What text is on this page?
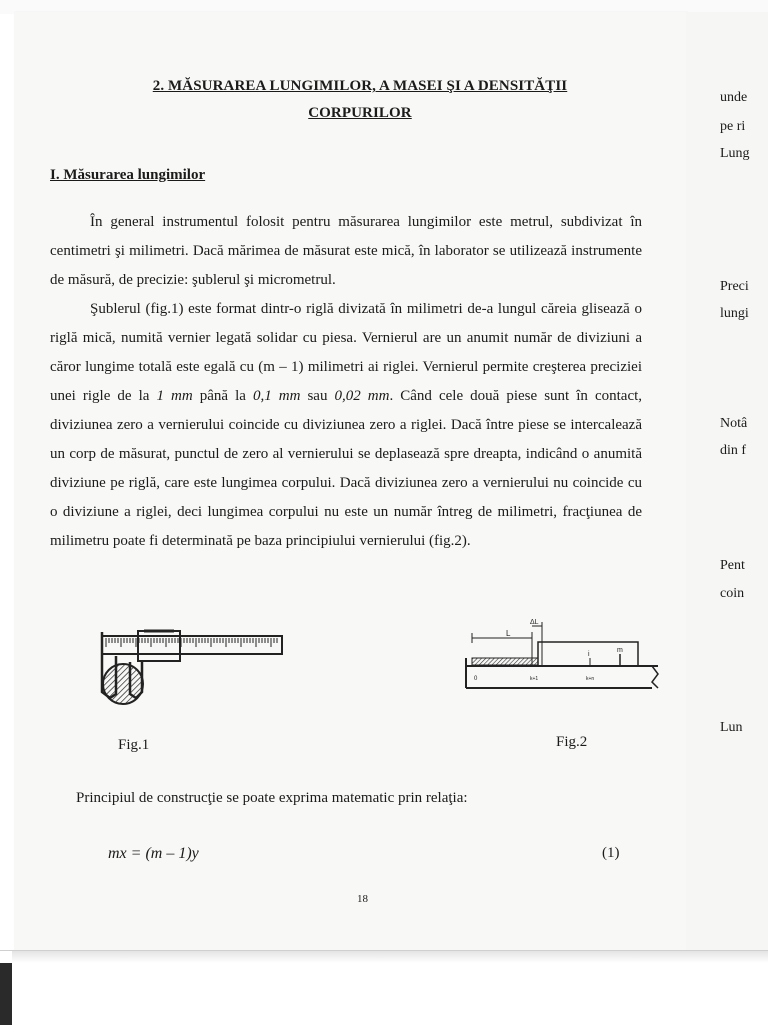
2. MĂSURAREA LUNGIMILOR, A MASEI ŞI A DENSITĂŢII
CORPURILOR
I. Măsurarea lungimilor
În general instrumentul folosit pentru măsurarea lungimilor este metrul, subdivizat în centimetri şi milimetri. Dacă mărimea de măsurat este mică, în laborator se utilizează instrumente de măsură, de precizie: şublerul şi micrometrul.
Şublerul (fig.1) este format dintr-o riglă divizată în milimetri de-a lungul căreia glisează o riglă mică, numită vernier legată solidar cu piesa. Vernierul are un anumit număr de diviziuni a căror lungime totală este egală cu (m – 1) milimetri ai riglei. Vernierul permite creşterea preciziei unei rigle de la 1 mm până la 0,1 mm sau 0,02 mm. Când cele două piese sunt în contact, diviziunea zero a vernierului coincide cu diviziunea zero a riglei. Dacă între piese se intercalează un corp de măsurat, punctul de zero al vernierului se deplasează spre dreapta, indicând o anumită diviziune pe riglă, care este lungimea corpului. Dacă diviziunea zero a vernierului nu coincide cu o diviziune a riglei, deci lungimea corpului nu este un număr întreg de milimetri, fracţiunea de milimetru poate fi determinată pe baza principiului vernierului (fig.2).
ΔL
L
i
m
0	k+1	k+n
Fig.1	Fig.2
Principiul de construcţie se poate exprima matematic prin relaţia:
mx = (m – 1)y	(1)
18
unde
pe ri
Lung
Preci
lungi
Notâ
din f
Pent
coin
Lun
